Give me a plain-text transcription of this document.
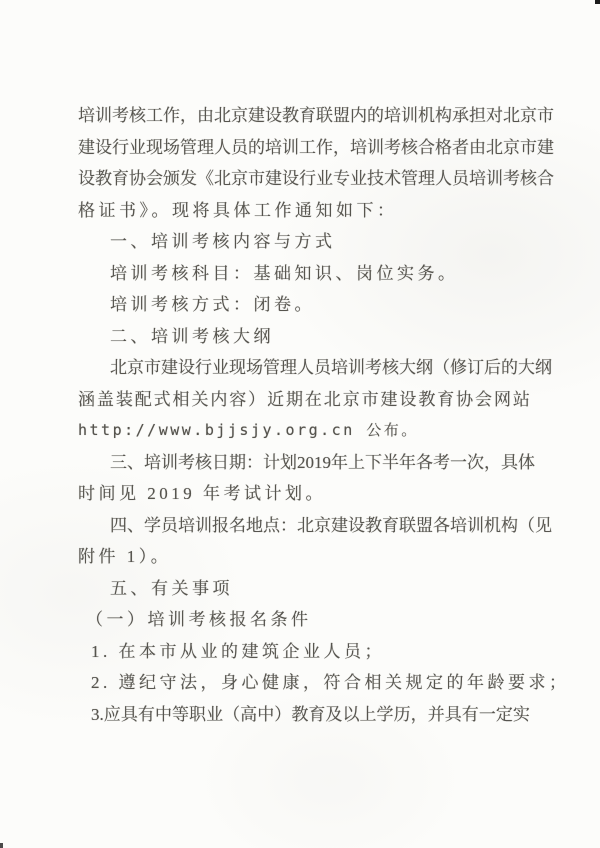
培 训 考 核 工 作 ， 由 北 京 建 设 教 育 联 盟 内 的 培 训 机 构 承 担 对 北 京 市
建 设 行 业 现 场 管 理 人 员 的 培 训 工 作 ， 培 训 考 核 合 格 者 由 北 京 市 建
设 教 育 协 会 颁 发 《 北 京 市 建 设 行 业 专 业 技 术 管 理 人 员 培 训 考 核 合
格证书》。现将具体工作通知如下：
一、培训考核内容与方式
培训考核科目：基础知识、岗位实务。
培训考核方式：闭卷。
二、培训考核大纲
北 京 市 建 设 行 业 现 场 管 理 人 员 培 训 考 核 大 纲 （ 修 订 后 的 大 纲
涵 盖 装 配 式 相 关 内 容 ） 近 期 在 北 京 市 建 设 教 育 协 会 网 站
http://www.bjjsjy.org.cn 公布。
三 、 培 训 考 核 日 期 ： 计 划 2019 年 上 下 半 年 各 考 一 次 ， 具 体
时间见 2019 年考试计划。
四 、 学 员 培 训 报 名 地 点 ： 北 京 建 设 教 育 联 盟 各 培 训 机 构 （ 见
附件 1）。
五、有关事项
（一）培训考核报名条件
1. 在本市从业的建筑企业人员；
2. 遵纪守法，身心健康，符合相关规定的年龄要求；
3. 应 具 有 中 等 职 业 （ 高 中 ） 教 育 及 以 上 学 历 ， 并 具 有 一 定 实
